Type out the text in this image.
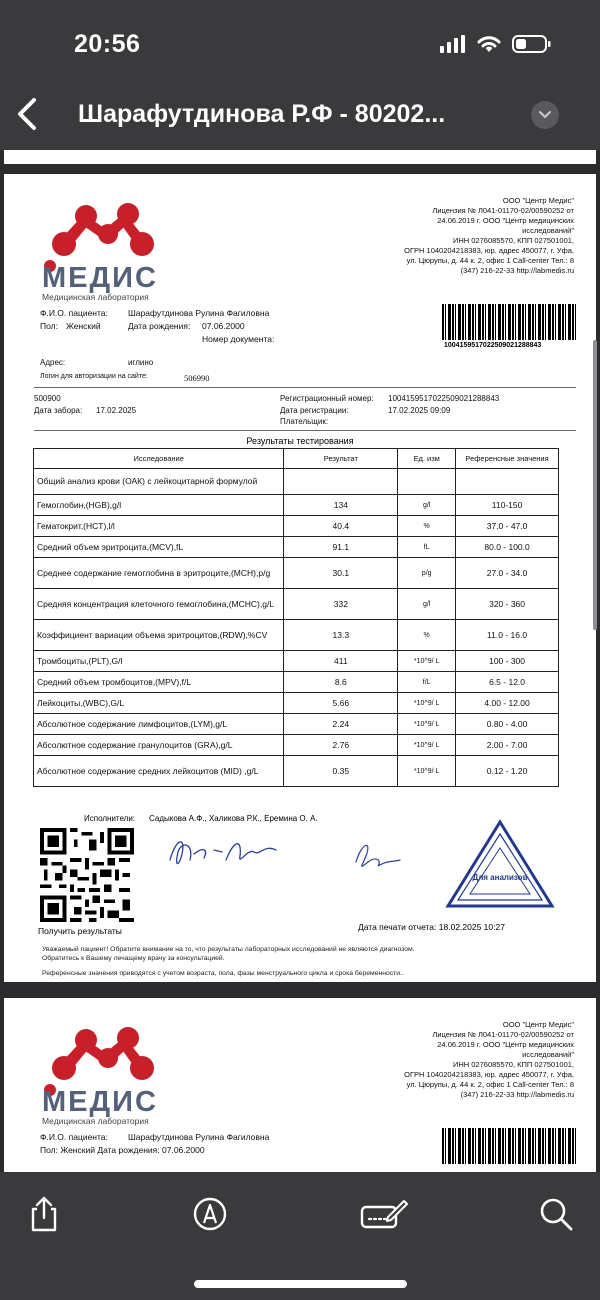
20:56
Шарафутдинова Р.Ф - 80202...
МЕДИС
Медицинская лаборатория
ООО "Центр Медис"
Лицензия № Л041-01170-02/00590252 от
24.06.2019 г. ООО "Центр медицинских
исследований"
ИНН 0276085570, КПП 027501001,
ОГРН 1040204218383, юр. адрес 450077, г. Уфа,
ул. Цюрупы, д. 44 к. 2, офис 1 Call-center Тел.: 8
(347) 216-22-33 http://labmedis.ru
1004159517022509021288843
Ф.И.О. пациента: Шарафутдинова Рулина Фагиловна
Пол: Женский	Дата рождения: 07.06.2000
Номер документа:
Адрес:	иглино
Логин для авторизации на сайте:	506990
500900
Дата забора: 17.02.2025
Регистрационный номер: 1004159517022509021288843
Дата регистрации:	17.02.2025 09:09
Плательщик:
Результаты тестирования
Исследование	Результат	Ед. изм	Референсные значения
Общий анализ крови (ОАК) с лейкоцитарной формулой			
Гемоглобин,(HGB),g/l	134	g/l	110-150
Гематокрит,(HCT),l/l	40.4	%	37.0 - 47.0
Средний объем эритроцита,(MCV),fL	91.1	fL	80.0 - 100.0
Среднее содержание гемоглобина в эритроците,(MCH),p/g	30.1	p/g	27.0 - 34.0
Средняя концентрация клеточного гемоглобина,(MCHC),g/L	332	g/l	320 - 360
Коэффициент вариации объема эритроцитов,(RDW),%CV	13.3	%	11.0 - 16.0
Тромбоциты,(PLT),G/l	411	*10^9/ L	100 - 300
Средний объем тромбоцитов,(MPV),f/L	8.6	f/L	6.5 - 12.0
Лейкоциты,(WBC),G/L	5.66	*10^9/ L	4.00 - 12.00
Абсолютное содержание лимфоцитов,(LYM),g/L	2.24	*10^9/ L	0.80 - 4.00
Абсолютное содержание гранулоцитов (GRA),g/L	2.76	*10^9/ L	2.00 - 7.00
Абсолютное содержание средних лейкоцитов (MID) ,g/L	0.35	*10^9/ L	0.12 - 1.20
Исполнители: Садыкова А.Ф., Халикова Р.К., Еремина О. А.
Получить результаты
Для анализов
Дата печати отчета: 18.02.2025 10:27
Уважаемый пациент! Обратите внимание на то, что результаты лабораторных исследований не являются диагнозом.
Обратитесь к Вашему лечащему врачу за консультацией.
Референсные значения приводятся с учетом возраста, пола, фазы менструального цикла и срока беременности..
МЕДИС
Медицинская лаборатория
ООО "Центр Медис"
Лицензия № Л041-01170-02/00590252 от
24.06.2019 г. ООО "Центр медицинских
исследований"
ИНН 0276085570, КПП 027501001,
ОГРН 1040204218383, юр. адрес 450077, г. Уфа,
ул. Цюрупы, д. 44 к. 2, офис 1 Call-center Тел.: 8
(347) 216-22-33 http://labmedis.ru
Ф.И.О. пациента: Шарафутдинова Рулина Фагиловна
Пол: Женский Дата рождения: 07.06.2000
